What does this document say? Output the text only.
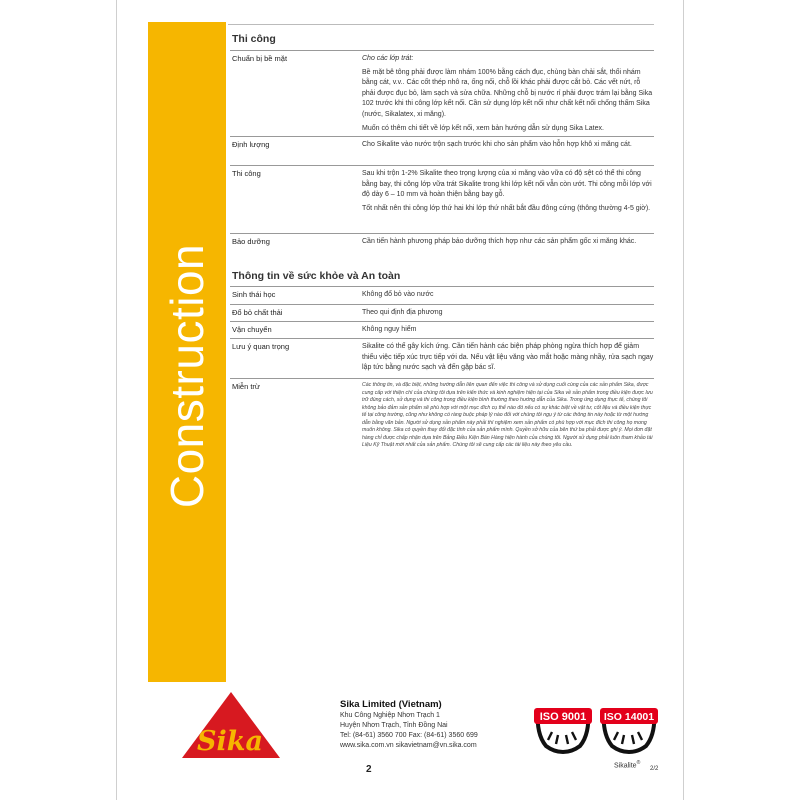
Construction
Thi công
Chuẩn bị bề mặt	Cho các lớp trát:

Bề mặt bê tông phải được làm nhám 100% bằng cách đục, chùng bàn chải sắt, thổi nhám bằng cát, v.v.. Các cốt thép nhô ra, ống nối, chỗ lồi khác phải được cắt bỏ. Các vết nứt, rỗ phải được đục bỏ, làm sạch và sửa chữa. Những chỗ bị nước rỉ phải được trám lại bằng Sika 102 trước khi thi công lớp kết nối. Cần sử dụng lớp kết nối như chất kết nối chống thấm Sika (nước, Sikalatex, xi măng).

Muốn có thêm chi tiết về lớp kết nối, xem bản hướng dẫn sử dụng Sika Latex.

Định lượng	Cho Sikalite vào nước trộn sạch trước khi cho sản phẩm vào hỗn hợp khô xi măng cát.

Thi công	Sau khi trộn 1-2% Sikalite theo trọng lượng của xi măng vào vữa có độ sệt có thể thi công bằng bay, thi công lớp vữa trát Sikalite trong khi lớp kết nối vẫn còn ướt. Thi công mỗi lớp với độ dày 6 – 10 mm và hoàn thiện bằng bay gỗ.

Tốt nhất nên thi công lớp thứ hai khi lớp thứ nhất bắt đầu đông cứng (thông thường 4-5 giờ).

Bảo dưỡng	Cần tiến hành phương pháp bảo dưỡng thích hợp như các sản phẩm gốc xi măng khác.

Thông tin về sức khỏe và An toàn
Sinh thái học	Không đổ bỏ vào nước
Đổ bỏ chất thải	Theo qui định địa phương
Vận chuyển	Không nguy hiểm
Lưu ý quan trọng	Sikalite có thể gây kích ứng. Cần tiến hành các biện pháp phòng ngừa thích hợp để giảm thiểu việc tiếp xúc trực tiếp với da. Nếu vật liệu văng vào mắt hoặc màng nhầy, rửa sạch ngay lập tức bằng nước sạch và đến gặp bác sĩ.
Miễn trừ	Các thông tin, và đặc biệt, những hướng dẫn liên quan đến việc thi công và sử dụng cuối cùng của các sản phẩm Sika, được cung cấp với thiện chí của chúng tôi dựa trên kiến thức và kinh nghiệm hiện tại của Sika về sản phẩm trong điều kiện được lưu trữ đúng cách, sử dụng và thi công trong điều kiện bình thường theo hướng dẫn của Sika. Trong ứng dụng thực tế, chúng tôi không bảo đảm sản phẩm sẽ phù hợp với một mục đích cụ thể nào đó nếu có sự khác biệt về vật tư, cốt liệu và điều kiện thực tế tại công trường, cũng như không có ràng buộc pháp lý nào đối với chúng tôi ngụ ý từ các thông tin này hoặc từ một hướng dẫn bằng văn bản. Người sử dụng sản phẩm này phải thí nghiệm xem sản phẩm có phù hợp với mục đích thi công họ mong muốn không. Sika có quyền thay đổi đặc tính của sản phẩm mình. Quyền sở hữu của bên thứ ba phải được ghi ý. Mọi đơn đặt hàng chỉ được chấp nhận dựa trên Bảng Điều Kiện Bán Hàng hiện hành của chúng tôi. Người sử dụng phải luôn tham khảo tài Liệu Kỹ Thuật mới nhất của sản phẩm. Chúng tôi sẽ cung cấp các tài liệu này theo yêu cầu.
Sika
Sika Limited (Vietnam)
Khu Công Nghiệp Nhơn Trạch 1
Huyện Nhơn Trạch, Tỉnh Đồng Nai
Tel: (84-61) 3560 700 Fax: (84-61) 3560 699
www.sika.com.vn sikavietnam@vn.sika.com
ISO 9001 ISO 14001
2	Sikalite®
2/2
